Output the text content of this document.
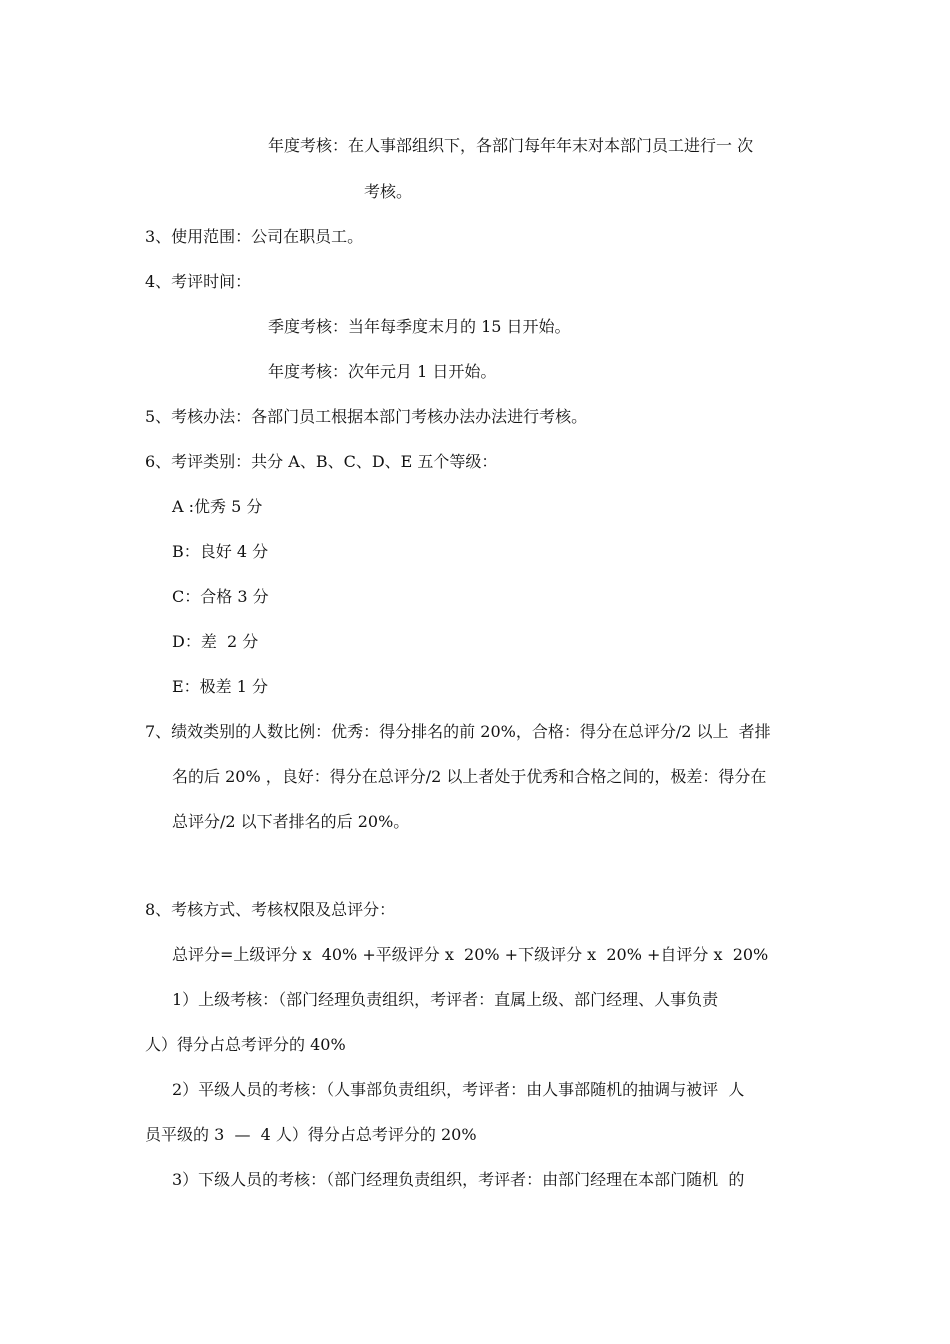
年度考核：在人事部组织下，各部门每年年末对本部门员工进行一 次
考核。
3、使用范围：公司在职员工。
4、考评时间：
季度考核：当年每季度末月的 15 日开始。
年度考核：次年元月 1 日开始。
5、考核办法：各部门员工根据本部门考核办法办法进行考核。
6、考评类别：共分 A、B、C、D、E 五个等级：
A :优秀 5 分
B：良好 4 分
C：合格 3 分
D：差  2 分
E：极差 1 分
7、绩效类别的人数比例：优秀：得分排名的前 20%，合格：得分在总评分/2 以上  者排
名的后 20% ，良好：得分在总评分/2 以上者处于优秀和合格之间的，极差：得分在
总评分/2 以下者排名的后 20%。
8、考核方式、考核权限及总评分：
总评分=上级评分 x  40% +平级评分 x  20% +下级评分 x  20% +自评分 x  20%
1）上级考核：（部门经理负责组织，考评者：直属上级、部门经理、人事负责
人）得分占总考评分的 40%
2）平级人员的考核：（人事部负责组织，考评者：由人事部随机的抽调与被评  人
员平级的 3  —  4 人）得分占总考评分的 20%
3）下级人员的考核：（部门经理负责组织，考评者：由部门经理在本部门随机  的
